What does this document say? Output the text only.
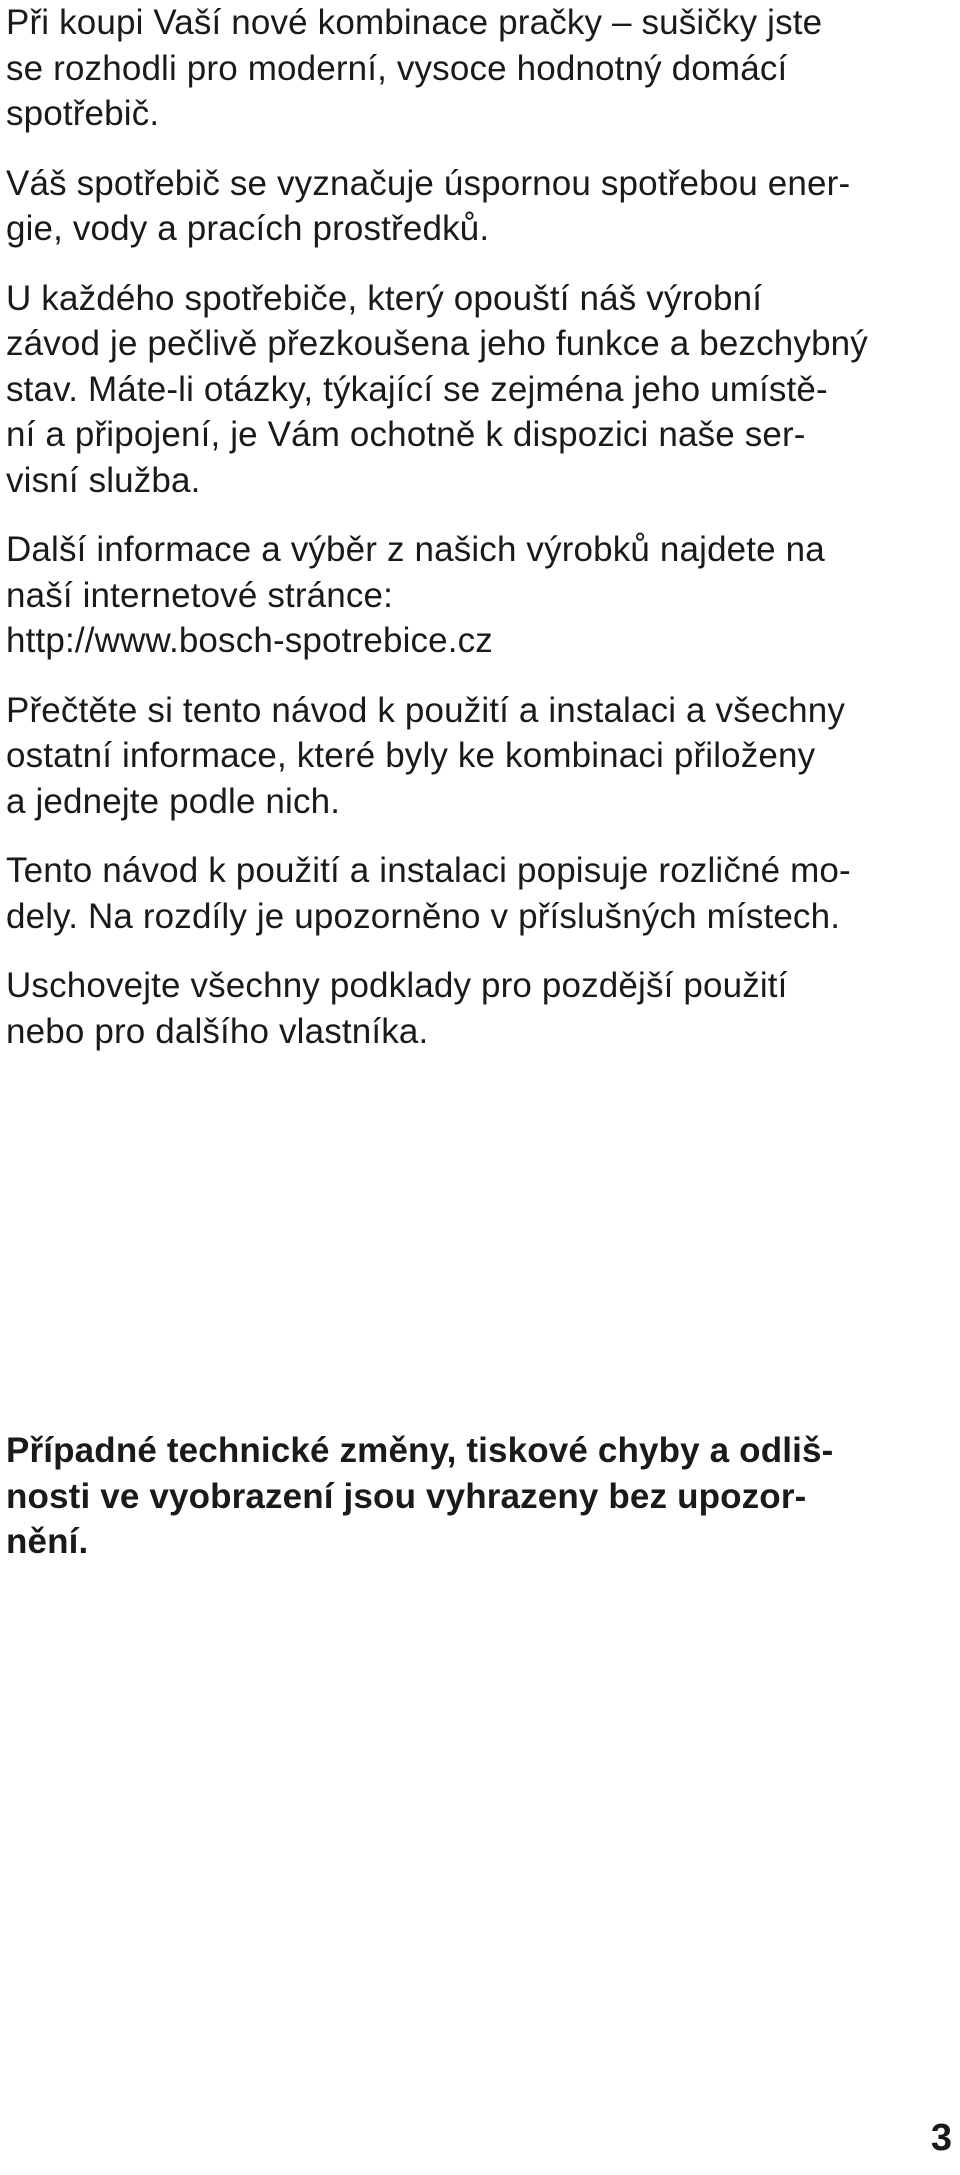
Při koupi Vaší nové kombinace pračky – sušičky jste
se rozhodli pro moderní, vysoce hodnotný domácí
spotřebič.

Váš spotřebič se vyznačuje úspornou spotřebou ener-
gie, vody a pracích prostředků.

U každého spotřebiče, který opouští náš výrobní
závod je pečlivě přezkoušena jeho funkce a bezchybný
stav. Máte-li otázky, týkající se zejména jeho umístě-
ní a připojení, je Vám ochotně k dispozici naše ser-
visní služba.

Další informace a výběr z našich výrobků najdete na
naší internetové stránce:
http://www.bosch-spotrebice.cz

Přečtěte si tento návod k použití a instalaci a všechny
ostatní informace, které byly ke kombinaci přiloženy
a jednejte podle nich.

Tento návod k použití a instalaci popisuje rozličné mo-
dely. Na rozdíly je upozorněno v příslušných místech.

Uschovejte všechny podklady pro pozdější použití
nebo pro dalšího vlastníka.

Případné technické změny, tiskové chyby a odliš-
nosti ve vyobrazení jsou vyhrazeny bez upozor-
nění.
3
